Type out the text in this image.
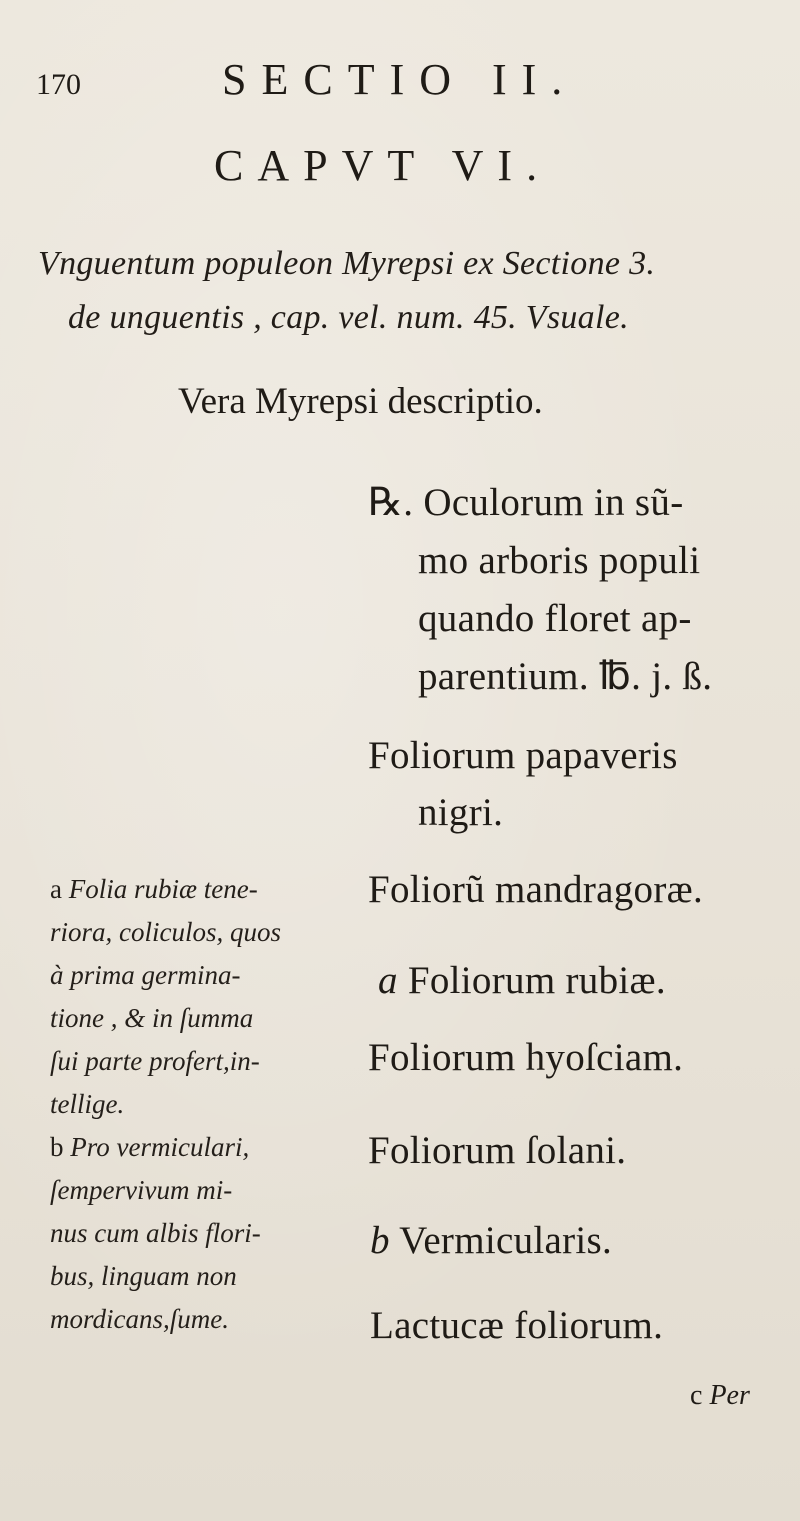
170	SECTIO II.
CAPVT VI.
Vnguentum populeon Myrepsi ex Sectione 3.
de unguentis , cap. vel. num. 45. Vsuale.
Vera Myrepsi descriptio.
℞. Oculorum in sũ-
mo arboris populi
quando floret ap-
parentium. ℔. j. ß.
Foliorum papaveris
nigri.
Foliorũ mandragoræ.
a Foliorum rubiæ.
Foliorum hyoſciam.
Foliorum ſolani.
b Vermicularis.
Lactucæ foliorum.
a Folia rubiæ tene-
riora, coliculos, quos
à prima germina-
tione , & in ſumma
ſui parte profert,in-
tellige.
b Pro vermiculari,
ſempervivum mi-
nus cum albis flori-
bus, linguam non
mordicans,ſume.
c Per
